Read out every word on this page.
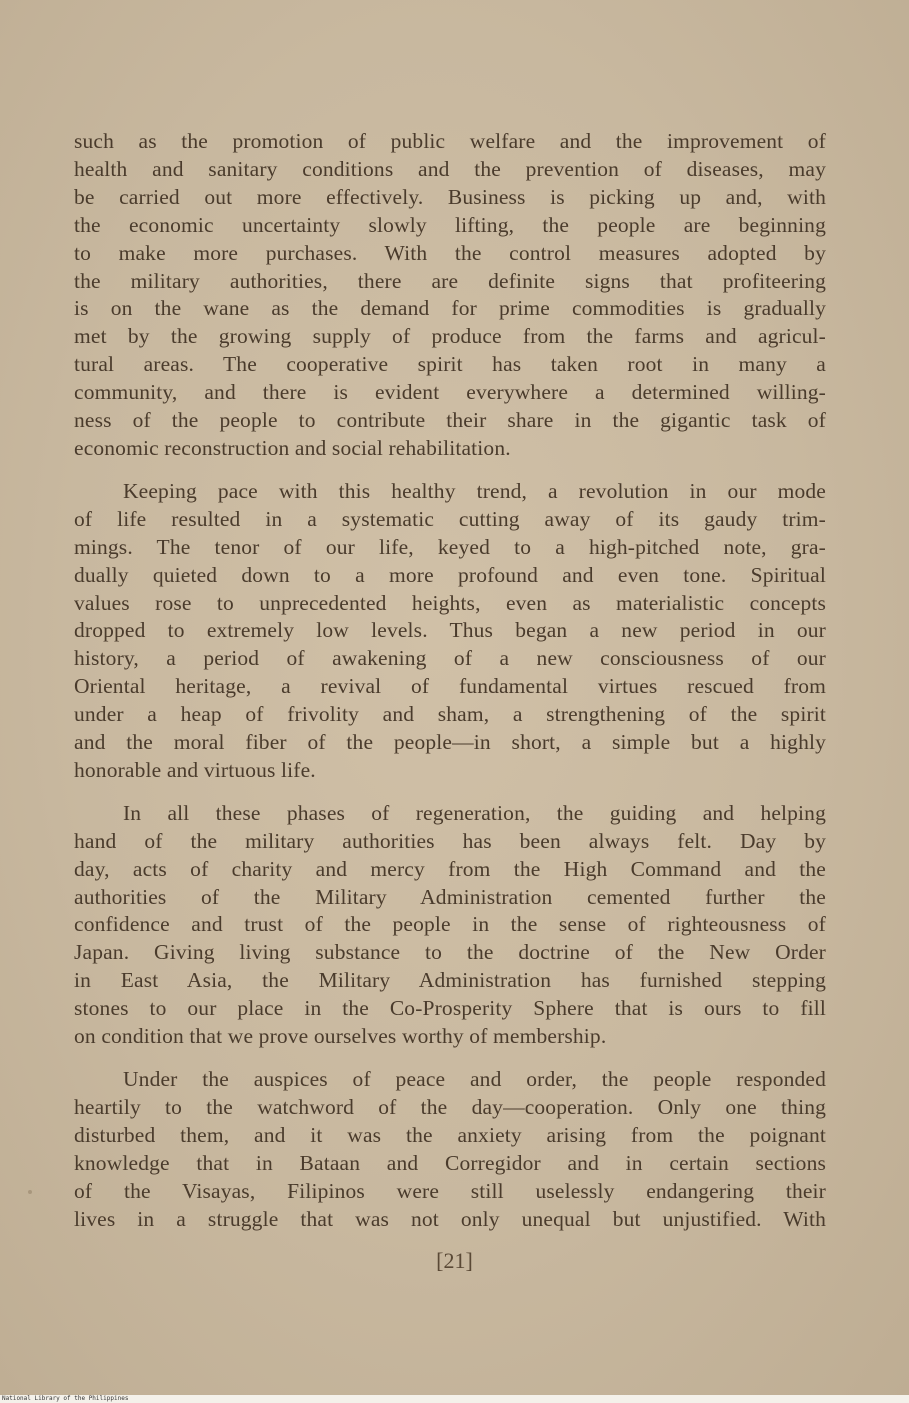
such as the promotion of public welfare and the improvement of
health and sanitary conditions and the prevention of diseases, may
be carried out more effectively. Business is picking up and, with
the economic uncertainty slowly lifting, the people are beginning
to make more purchases. With the control measures adopted by
the military authorities, there are definite signs that profiteering
is on the wane as the demand for prime commodities is gradually
met by the growing supply of produce from the farms and agricul-
tural areas. The cooperative spirit has taken root in many a
community, and there is evident everywhere a determined willing-
ness of the people to contribute their share in the gigantic task of
economic reconstruction and social rehabilitation.

Keeping pace with this healthy trend, a revolution in our mode
of life resulted in a systematic cutting away of its gaudy trim-
mings. The tenor of our life, keyed to a high-pitched note, gra-
dually quieted down to a more profound and even tone. Spiritual
values rose to unprecedented heights, even as materialistic concepts
dropped to extremely low levels. Thus began a new period in our
history, a period of awakening of a new consciousness of our
Oriental heritage, a revival of fundamental virtues rescued from
under a heap of frivolity and sham, a strengthening of the spirit
and the moral fiber of the people—in short, a simple but a highly
honorable and virtuous life.

In all these phases of regeneration, the guiding and helping
hand of the military authorities has been always felt. Day by
day, acts of charity and mercy from the High Command and the
authorities of the Military Administration cemented further the
confidence and trust of the people in the sense of righteousness of
Japan. Giving living substance to the doctrine of the New Order
in East Asia, the Military Administration has furnished stepping
stones to our place in the Co-Prosperity Sphere that is ours to fill
on condition that we prove ourselves worthy of membership.

Under the auspices of peace and order, the people responded
heartily to the watchword of the day—cooperation. Only one thing
disturbed them, and it was the anxiety arising from the poignant
knowledge that in Bataan and Corregidor and in certain sections
of the Visayas, Filipinos were still uselessly endangering their
lives in a struggle that was not only unequal but unjustified. With

[21]
National Library of the Philippines
